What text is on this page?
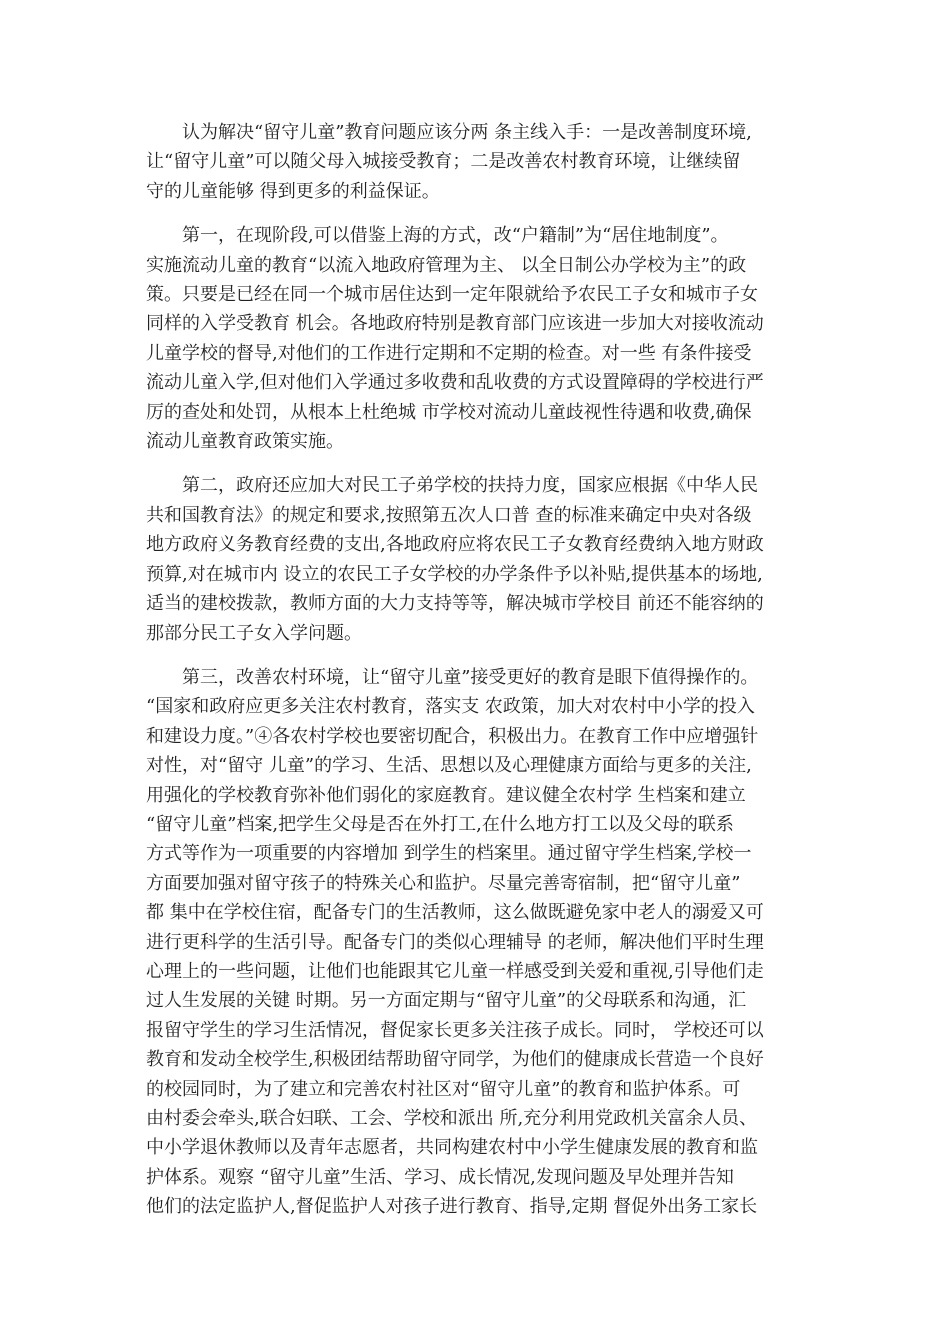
认为解决“留守儿童”教育问题应该分两 条主线入手：一是改善制度环境,
让“留守儿童”可以随父母入城接受教育；二是改善农村教育环境，让继续留
守的儿童能够 得到更多的利益保证。
第一，在现阶段,可以借鉴上海的方式，改“户籍制”为“居住地制度”。
实施流动儿童的教育“以流入地政府管理为主、 以全日制公办学校为主”的政
策。只要是已经在同一个城市居住达到一定年限就给予农民工子女和城市子女
同样的入学受教育 机会。各地政府特别是教育部门应该进一步加大对接收流动
儿童学校的督导,对他们的工作进行定期和不定期的检查。对一些 有条件接受
流动儿童入学,但对他们入学通过多收费和乱收费的方式设置障碍的学校进行严
厉的查处和处罚，从根本上杜绝城 市学校对流动儿童歧视性待遇和收费,确保
流动儿童教育政策实施。
第二，政府还应加大对民工子弟学校的扶持力度，国家应根据《中华人民
共和国教育法》的规定和要求,按照第五次人口普 查的标准来确定中央对各级
地方政府义务教育经费的支出,各地政府应将农民工子女教育经费纳入地方财政
预算,对在城市内 设立的农民工子女学校的办学条件予以补贴,提供基本的场地,
适当的建校拨款，教师方面的大力支持等等，解决城市学校目 前还不能容纳的
那部分民工子女入学问题。
第三，改善农村环境，让“留守儿童”接受更好的教育是眼下值得操作的。
“国家和政府应更多关注农村教育，落实支 农政策，加大对农村中小学的投入
和建设力度。”④各农村学校也要密切配合，积极出力。在教育工作中应增强针
对性，对“留守 儿童”的学习、生活、思想以及心理健康方面给与更多的关注,
用强化的学校教育弥补他们弱化的家庭教育。建议健全农村学 生档案和建立
“留守儿童”档案,把学生父母是否在外打工,在什么地方打工以及父母的联系
方式等作为一项重要的内容增加 到学生的档案里。通过留守学生档案,学校一
方面要加强对留守孩子的特殊关心和监护。尽量完善寄宿制，把“留守儿童”
都 集中在学校住宿，配备专门的生活教师，这么做既避免家中老人的溺爱又可
进行更科学的生活引导。配备专门的类似心理辅导 的老师，解决他们平时生理
心理上的一些问题，让他们也能跟其它儿童一样感受到关爱和重视,引导他们走
过人生发展的关键 时期。另一方面定期与“留守儿童”的父母联系和沟通，汇
报留守学生的学习生活情况，督促家长更多关注孩子成长。同时， 学校还可以
教育和发动全校学生,积极团结帮助留守同学，为他们的健康成长营造一个良好
的校园同时，为了建立和完善农村社区对“留守儿童”的教育和监护体系。可
由村委会牵头,联合妇联、工会、学校和派出 所,充分利用党政机关富余人员、
中小学退休教师以及青年志愿者，共同构建农村中小学生健康发展的教育和监
护体系。观察 “留守儿童”生活、学习、成长情况,发现问题及早处理并告知
他们的法定监护人,督促监护人对孩子进行教育、指导,定期 督促外出务工家长
